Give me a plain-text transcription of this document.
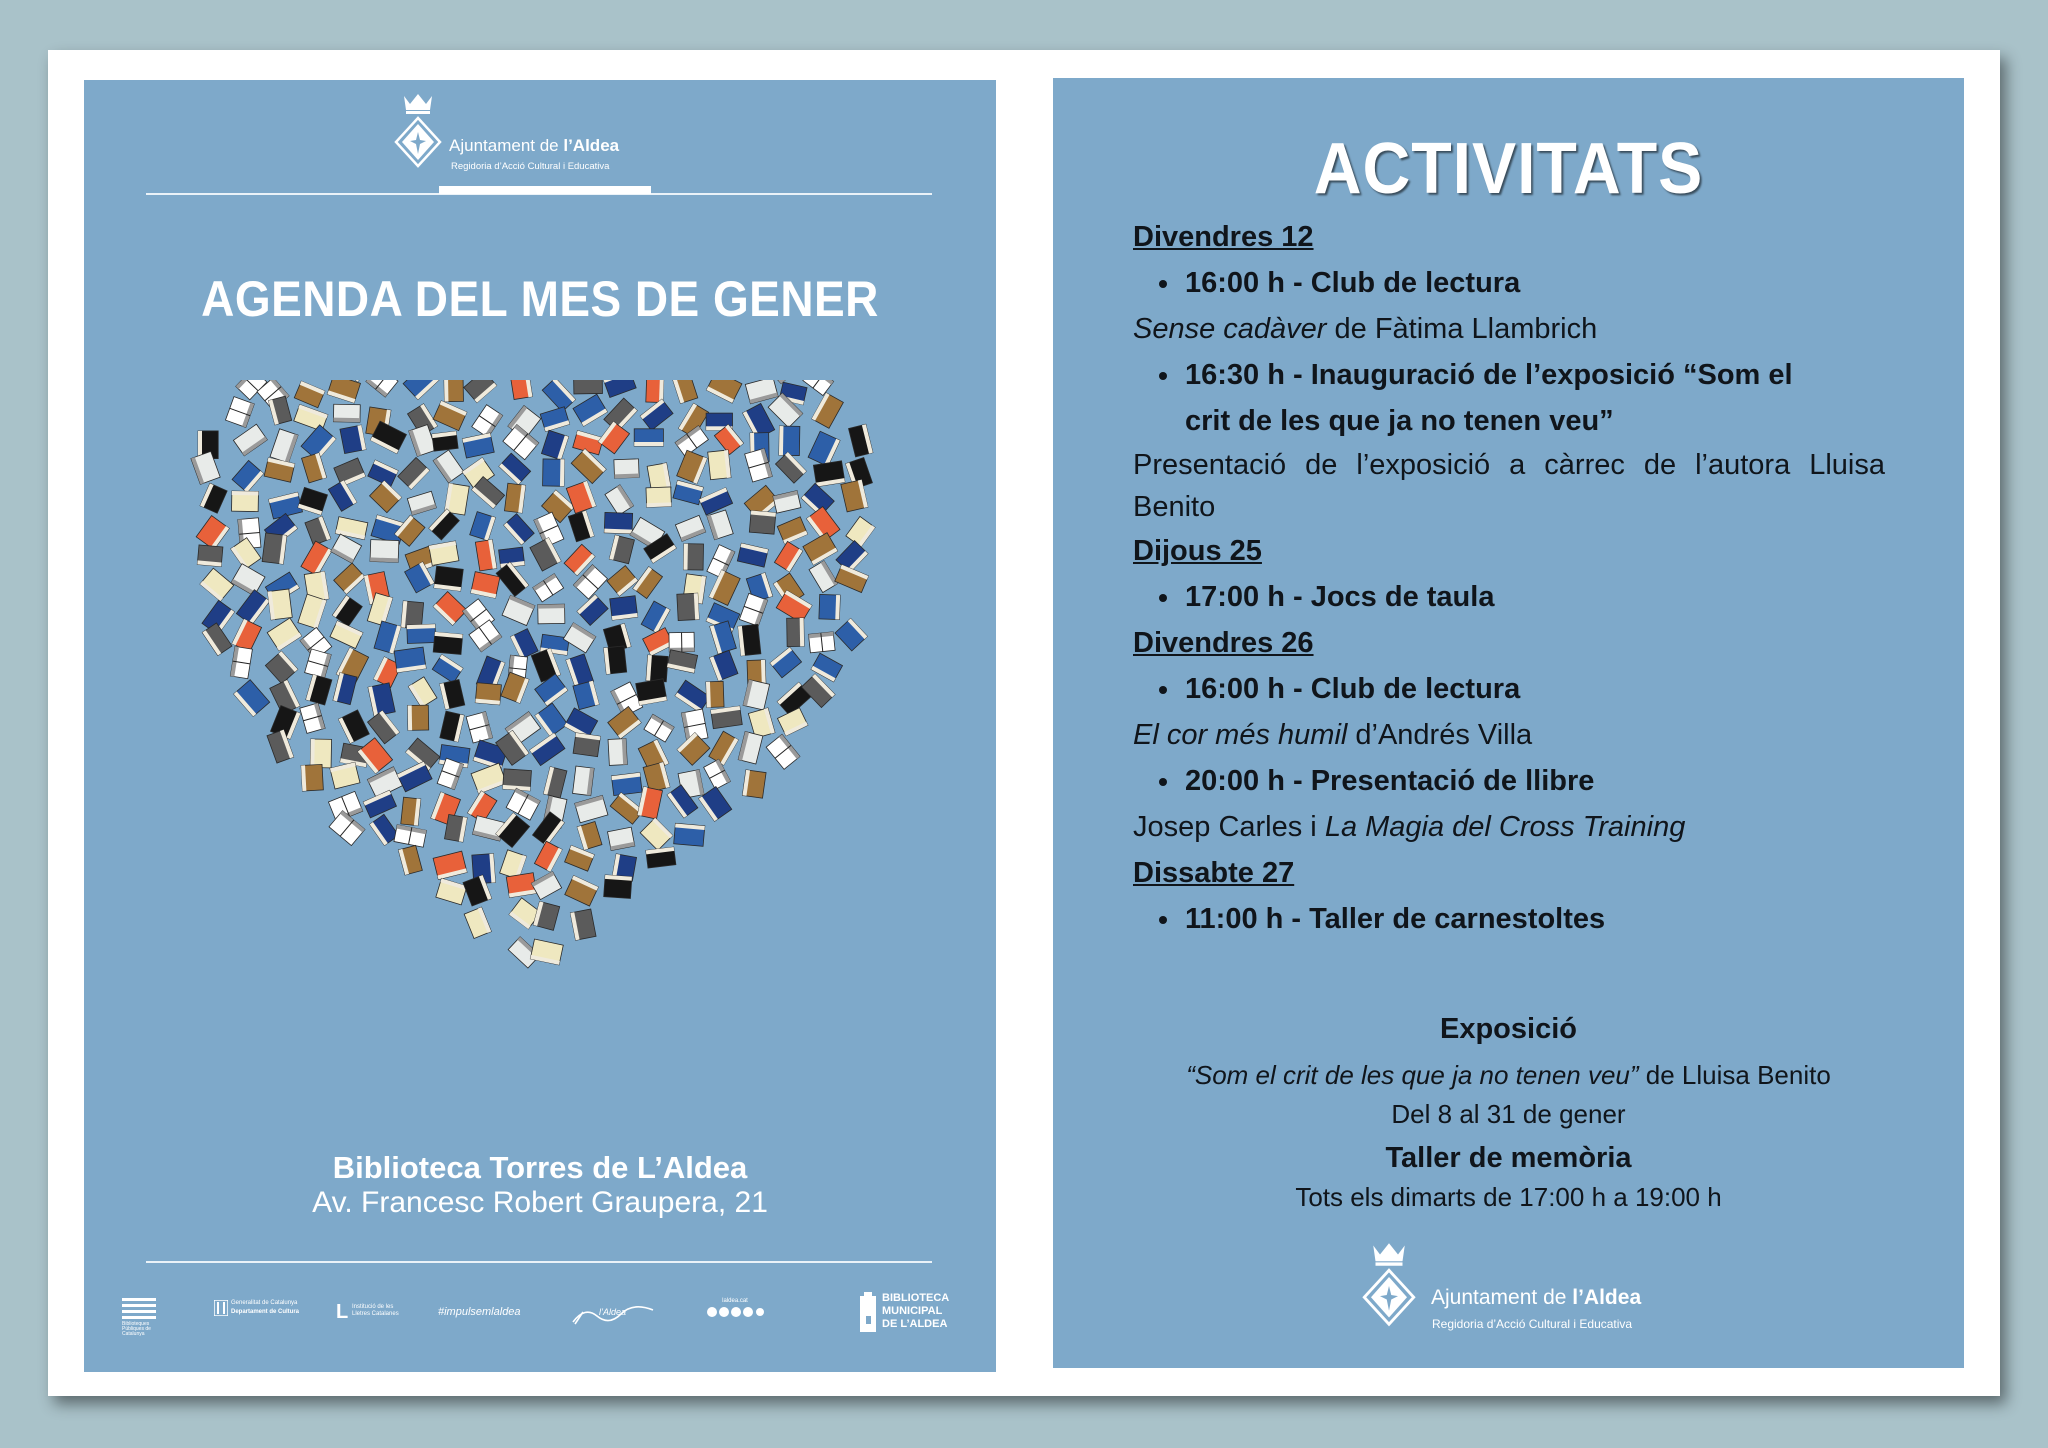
Ajuntament de l’Aldea
Regidoria d’Acció Cultural i Educativa
AGENDA DEL MES DE GENER
Biblioteca Torres de L’Aldea
Av. Francesc Robert Graupera, 21
Biblioteques Públiques de Catalunya
Generalitat de Catalunya
Departament de Cultura L Institució de les Lletres Catalanes	#impulsemlaldea	l’Aldea
laldea.cat	BIBLIOTECA
MUNICIPAL
DE L’ALDEA
ACTIVITATS
Divendres 12
16:00 h - Club de lectura
Sense cadàver de Fàtima Llambrich
16:30 h - Inauguració de l’exposició “Som el
crit de les que ja no tenen veu”
Presentació de l’exposició a càrrec de l’autora Lluisa Benito
Dijous 25
17:00 h - Jocs de taula
Divendres 26
16:00 h - Club de lectura
El cor més humil d’Andrés Villa
20:00 h - Presentació de llibre
Josep Carles i La Magia del Cross Training
Dissabte 27
11:00 h - Taller de carnestoltes
Exposició
“Som el crit de les que ja no tenen veu” de Lluisa Benito
Del 8 al 31 de gener
Taller de memòria
Tots els dimarts de 17:00 h a 19:00 h
Ajuntament de l’Aldea
Regidoria d’Acció Cultural i Educativa
